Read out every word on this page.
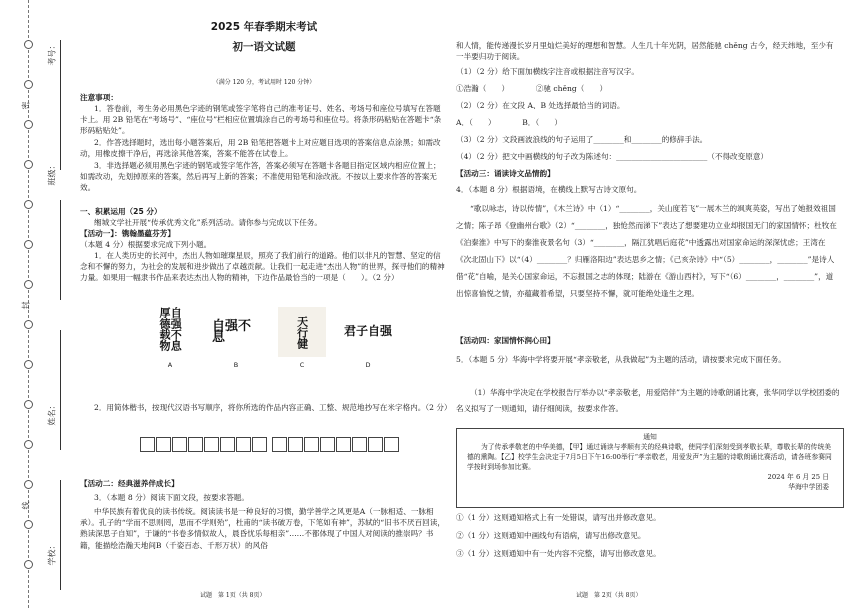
密
封
线
学校：
姓名：
班级：
考号：
2025 年春季期末考试
初一语文试题
（满分 120 分，考试用时 120 分钟）

注意事项：

1．答卷前，考生务必用黑色字迹的钢笔或签字笔将自己的准考证号、姓名、考场号和座位号填写在答题卡上。用 2B 铅笔在“考场号”、“座位号”栏相应位置填涂自己的考场号和座位号。将条形码粘贴在答题卡“条形码粘贴处”。

2．作答选择题时，选出每小题答案后，用 2B 铅笔把答题卡上对应题目选项的答案信息点涂黑；如需改动，用橡皮擦干净后，再选涂其他答案，答案不能答在试卷上。

3．非选择题必须用黑色字迹的钢笔或签字笔作答，答案必须写在答题卡各题目指定区域内相应位置上；如需改动，先划掉原来的答案，然后再写上新的答案；不准使用铅笔和涂改液。不按以上要求作答的答案无效。

一、积累运用（25 分）

缃城文学社开展“传承优秀文化”系列活动。请你参与完成以下任务。

【活动一】：镌翰墨藴芬芳】

（本题 4 分）根据要求完成下列小题。

1．在人类历史的长河中，杰出人物如璀璨星辰，照亮了我们前行的道路。他们以非凡的智慧、坚定的信念和不懈的努力，为社会的发展和进步做出了卓越贡献。让我们一起走进“杰出人物”的世界，探寻他们的精神力量。如果用一幅隶书作品来表达杰出人物的精神，下边作品最恰当的一项是（　　）。（2 分）

自强不息 厚德载物	自强不息	天行健	君子自强
A	B	C	D

2．用简体楷书，按现代汉语书写顺序，将你所选的作品内容正确、工整、规范地抄写在米字格内。（2 分）

【活动二：经典滋养伴成长】

3．（本题 8 分）阅读下面文段，按要求答题。

中华民族有着优良的读书传统。阅读读书是一种良好的习惯，勤学善学之风更是A（一脉相适、一脉相承）。孔子的“学而不思则罔，思而不学则殆”，杜甫的“读书破万卷，下笔如有神”，苏轼的“旧书不厌百回读，熟读深思子自知”，于谦的“书卷多情似故人，晨昏忧乐每相亲”……不都体现了中国人对阅读的推崇吗？书籍，能描绘浩瀚天地间B（千姿百态、千形万状）的风俗

试题　第 1页（共 8页）

和人情，能传递漫长岁月里灿烂美好的理想和智慧。人生几十年光阴，居然能驰 chěng 古今，经天纬地，至少有一半要归功于阅读。

（1）（2 分）给下面加横线字注音或根据注音写汉字。

①浩瀚（　　）　　　　②驰 chěng（　　）

（2）（2 分）在文段 A、B 处选择最恰当的词语。

A．（　　）　　　　B．（　　）

（3）（2 分）文段画波浪线的句子运用了________和________的修辞手法。

（4）（2 分）把文中画横线的句子改为陈述句：________________________（不得改变原意）

【活动三：诵读诗文品情韵】

4．（本题 8 分）根据语境，在横线上默写古诗文原句。

“歌以咏志，诗以传情”，《木兰诗》中（1）“________，关山度若飞”一展木兰的飒爽英姿，写出了她报效祖国之情；陈子昂《登幽州台歌》（2）“________，独怆然而涕下”表达了想要建功立业却报国无门的家国情怀；杜牧在《泊秦淮》中写下的秦淮夜景名句（3）“________，隔江犹唱后庭花”中透露出对国家命运的深深忧虑；王湾在《次北固山下》以“（4）________？归雁洛阳边”表达思乡之情；《己亥杂诗》中“（5）________，________”是诗人借“花”自喻，是关心国家命运，不忘报国之志的体现；陆游在《游山西村》，写下“（6）________，________”，道出惊喜愉悦之情，亦蕴藏着希望，只要坚持不懈，就可能绝处逢生之理。

【活动四：家国情怀润心田】

5．（本题 5 分）华海中学将要开展“孝亲敬老，从我做起”为主题的活动，请按要求完成下面任务。

（1）华海中学决定在学校报告厅举办以“孝亲敬老，用爱陪伴”为主题的诗歌朗诵比赛，张华同学以学校团委的名义拟写了一则通知，请仔细阅读，按要求作答。

试题　第 2页（共 8页）

①（1 分）这则通知格式上有一处错误，请写出并修改意见。

②（1 分）这则通知中画线句有语病，请写出修改意见。

③（1 分）这则通知中有一处内容不完整，请写出修改意见。

通知
为了传承孝敬老的中华美德，【甲】通过诵读与孝顺有关的经典诗歌，使同学们深刻受到孝敬长辈，尊敬长辈的传统美德的熏陶。【乙】校学生会决定于7月5日下午16:00举行“孝亲敬老，用爱发声”为主题的诗歌朗诵比赛活动，请各班参赛同学按时到场参加比赛。
2024 年 6 月 25 日
华海中学团委
